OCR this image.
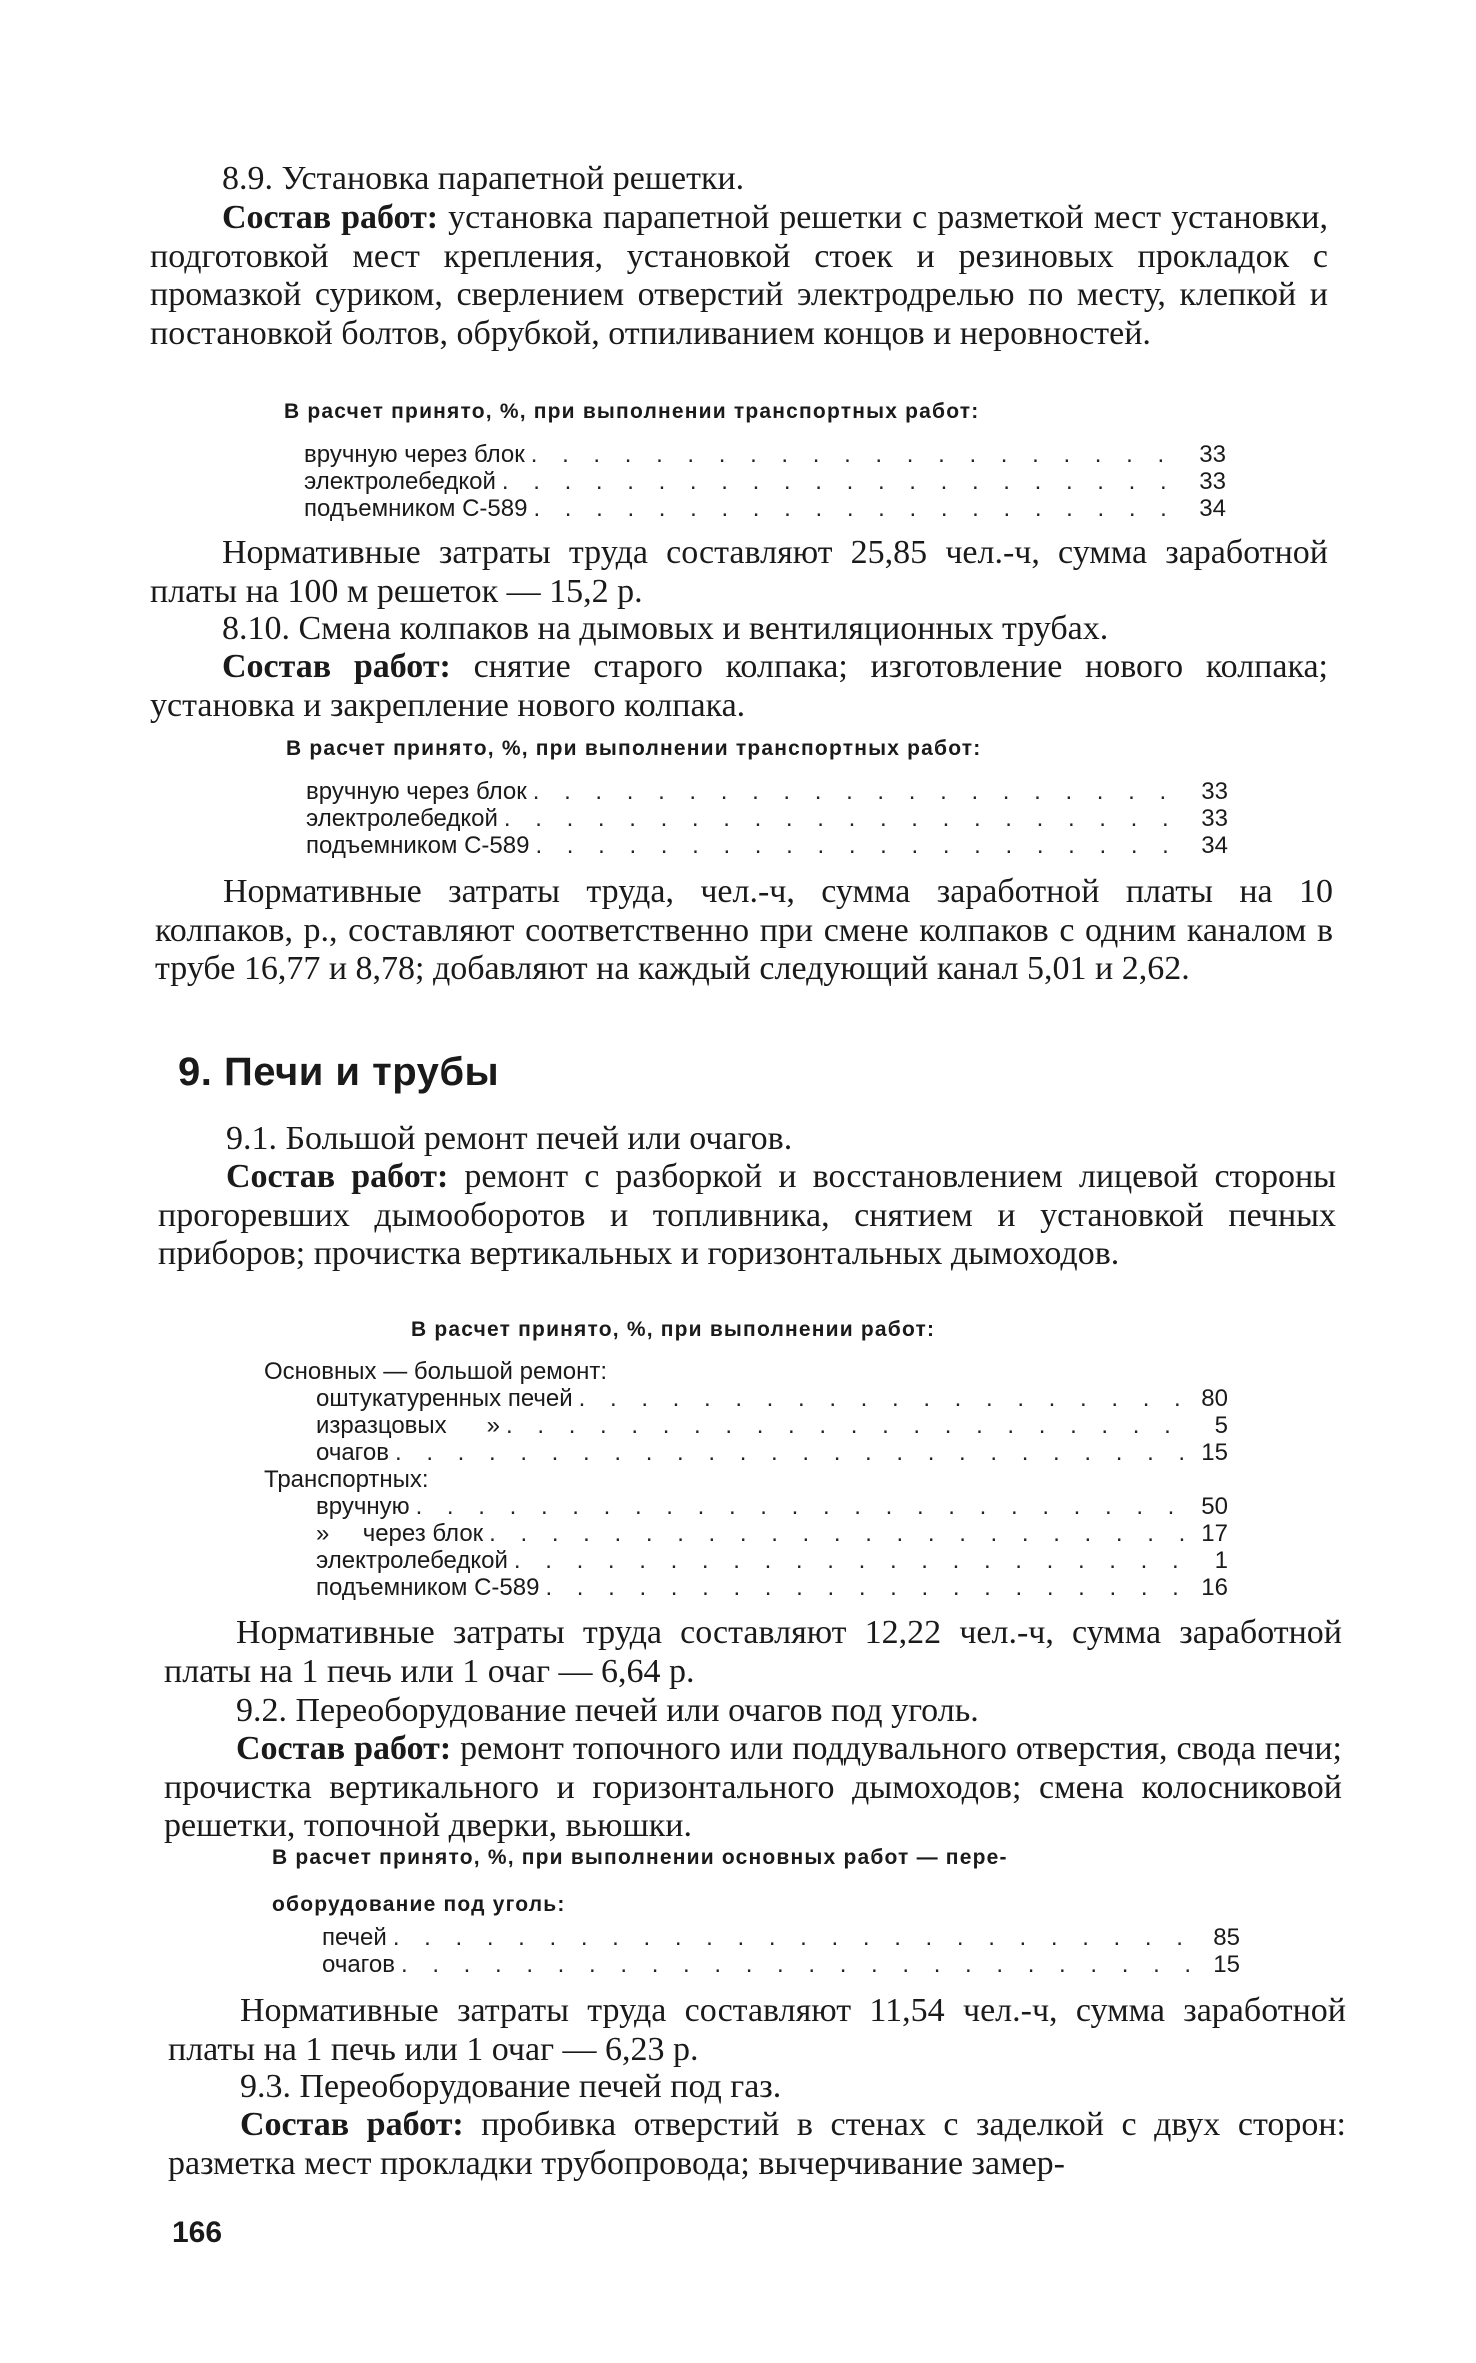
8.9. Установка парапетной решетки.
Состав работ: установка парапетной решетки с разметкой мест установки, подготовкой мест крепления, установкой стоек и резиновых прокладок с промазкой суриком, сверлением отверстий электродрелью по месту, клепкой и постановкой болтов, обрубкой, отпиливанием концов и неровностей.
В расчет принято, %, при выполнении транспортных работ:
вручную через блок . . .	33
электролебедкой . . .	33
подъемником С-589 . . .	34
Нормативные затраты труда составляют 25,85 чел.-ч, сумма заработной платы на 100 м решеток — 15,2 р.
8.10. Смена колпаков на дымовых и вентиляционных трубах.
Состав работ: снятие старого колпака; изготовление нового колпака; установка и закрепление нового колпака.
В расчет принято, %, при выполнении транспортных работ:
вручную через блок . . .	33
электролебедкой . . .	33
подъемником С-589 . . .	34
Нормативные затраты труда, чел.-ч, сумма заработной платы на 10 колпаков, р., составляют соответственно при смене колпаков с одним каналом в трубе 16,77 и 8,78; добавляют на каждый следующий канал 5,01 и 2,62.
9. Печи и трубы
9.1. Большой ремонт печей или очагов.
Состав работ: ремонт с разборкой и восстановлением лицевой стороны прогоревших дымооборотов и топливника, снятием и установкой печных приборов; прочистка вертикальных и горизонтальных дымоходов.
В расчет принято, %, при выполнении работ:
Основных — большой ремонт:
оштукатуренных печей . . .	80
изразцовых      » . . .	5
очагов . . .	15
Транспортных:
вручную . . .	50
»     через блок . . .	17
электролебедкой . . .	1
подъемником С-589 . . .	16
Нормативные затраты труда составляют 12,22 чел.-ч, сумма заработной платы на 1 печь или 1 очаг — 6,64 р.
9.2. Переоборудование печей или очагов под уголь.
Состав работ: ремонт топочного или поддувального отверстия, свода печи; прочистка вертикального и горизонтального дымоходов; смена колосниковой решетки, топочной дверки, вьюшки.
В расчет принято, %, при выполнении основных работ — пере-
оборудование под уголь:
печей . . .	85
очагов . . .	15
Нормативные затраты труда составляют 11,54 чел.-ч, сумма заработной платы на 1 печь или 1 очаг — 6,23 р.
9.3. Переоборудование печей под газ.
Состав работ: пробивка отверстий в стенах с заделкой с двух сторон: разметка мест прокладки трубопровода; вычерчивание замер-
166
